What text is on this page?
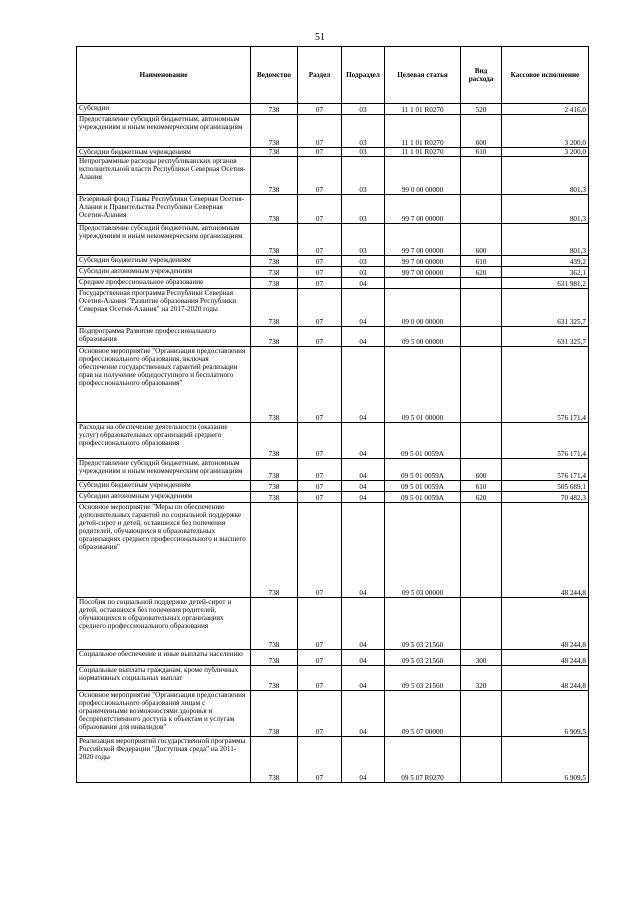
51
Наименование	Ведомство	Раздел	Подраздел	Целевая статья	Вид расхода	Кассовое исполнение
Субсидии	738	07	03	11 1 01 R0270	520	2 416,0
Предоставление субсидий бюджетным, автономным учреждениям и иным некоммерческим организациям	738	07	03	11 1 01 R0270	600	3 200,0
Субсидии бюджетным учреждениям	738	07	03	11 1 01 R0270	610	3 200,0
Непрограммные расходы республиканских органов исполнительной власти Республики Северная Осетия-Алания	738	07	03	99 0 00 00000		801,3
Резервный фонд Главы Республики Северная Осетия-Алания и Правительства Республики Северная Осетия-Алания	738	07	03	99 7 00 00000		801,3
Предоставление субсидий бюджетным, автономным учреждениям и иным некоммерческим организациям	738	07	03	99 7 00 00000	600	801,3
Субсидии бюджетным учреждениям	738	07	03	99 7 00 00000	610	439,2
Субсидии автономным учреждениям	738	07	03	99 7 00 00000	620	362,1
Среднее профессиональное образование	738	07	04			631 981,2
Государственная программа Республики Северная Осетия-Алания "Развитие образования Республики Северная Осетия-Алания" на 2017-2020 годы	738	07	04	09 0 00 00000		631 325,7
Подпрограмма Развитие профессионального образования	738	07	04	09 5 00 00000		631 325,7
Основное мероприятие "Организация предоставления профессионального образования, включая обеспечение государственных гарантий реализации прав на получение общедоступного и бесплатного профессионального образования"	738	07	04	09 5 01 00000		576 171,4
Расходы на обеспечение деятельности (оказание услуг) образовательных организаций среднего профессионального образования	738	07	04	09 5 01 0059А		576 171,4
Предоставление субсидий бюджетным, автономным учреждениям и иным некоммерческим организациям	738	07	04	09 5 01 0059А	600	576 171,4
Субсидии бюджетным учреждениям	738	07	04	09 5 01 0059А	610	505 689,1
Субсидии автономным учреждениям	738	07	04	09 5 01 0059А	620	70 482,3
Основное мероприятие "Меры по обеспечению дополнительных гарантий по социальной поддержке детей-сирот и детей, оставшихся без попечения родителей, обучающихся в образовательных организациях среднего профессионального и высшего образования"	738	07	04	09 5 03 00000		48 244,8
Пособия по социальной поддержке детей-сирот и детей, оставшихся без попечения родителей, обучающихся в образовательных организациях среднего профессионального образования	738	07	04	09 5 03 21560		48 244,8
Социальное обеспечение и иные выплаты населению	738	07	04	09 5 03 21560	300	48 244,8
Социальные выплаты гражданам, кроме публичных нормативных социальных выплат	738	07	04	09 5 03 21560	320	48 244,8
Основное мероприятие "Организация предоставления профессионального образования лицам с ограниченными возможностями здоровья и беспрепятственного доступа к объектам и услугам образования для инвалидов"	738	07	04	09 5 07 00000		6 909,5
Реализация мероприятий государственной программы Российской Федерации "Доступная среда" на 2011-2020 годы	738	07	04	09 5 07 R0270		6 909,5
